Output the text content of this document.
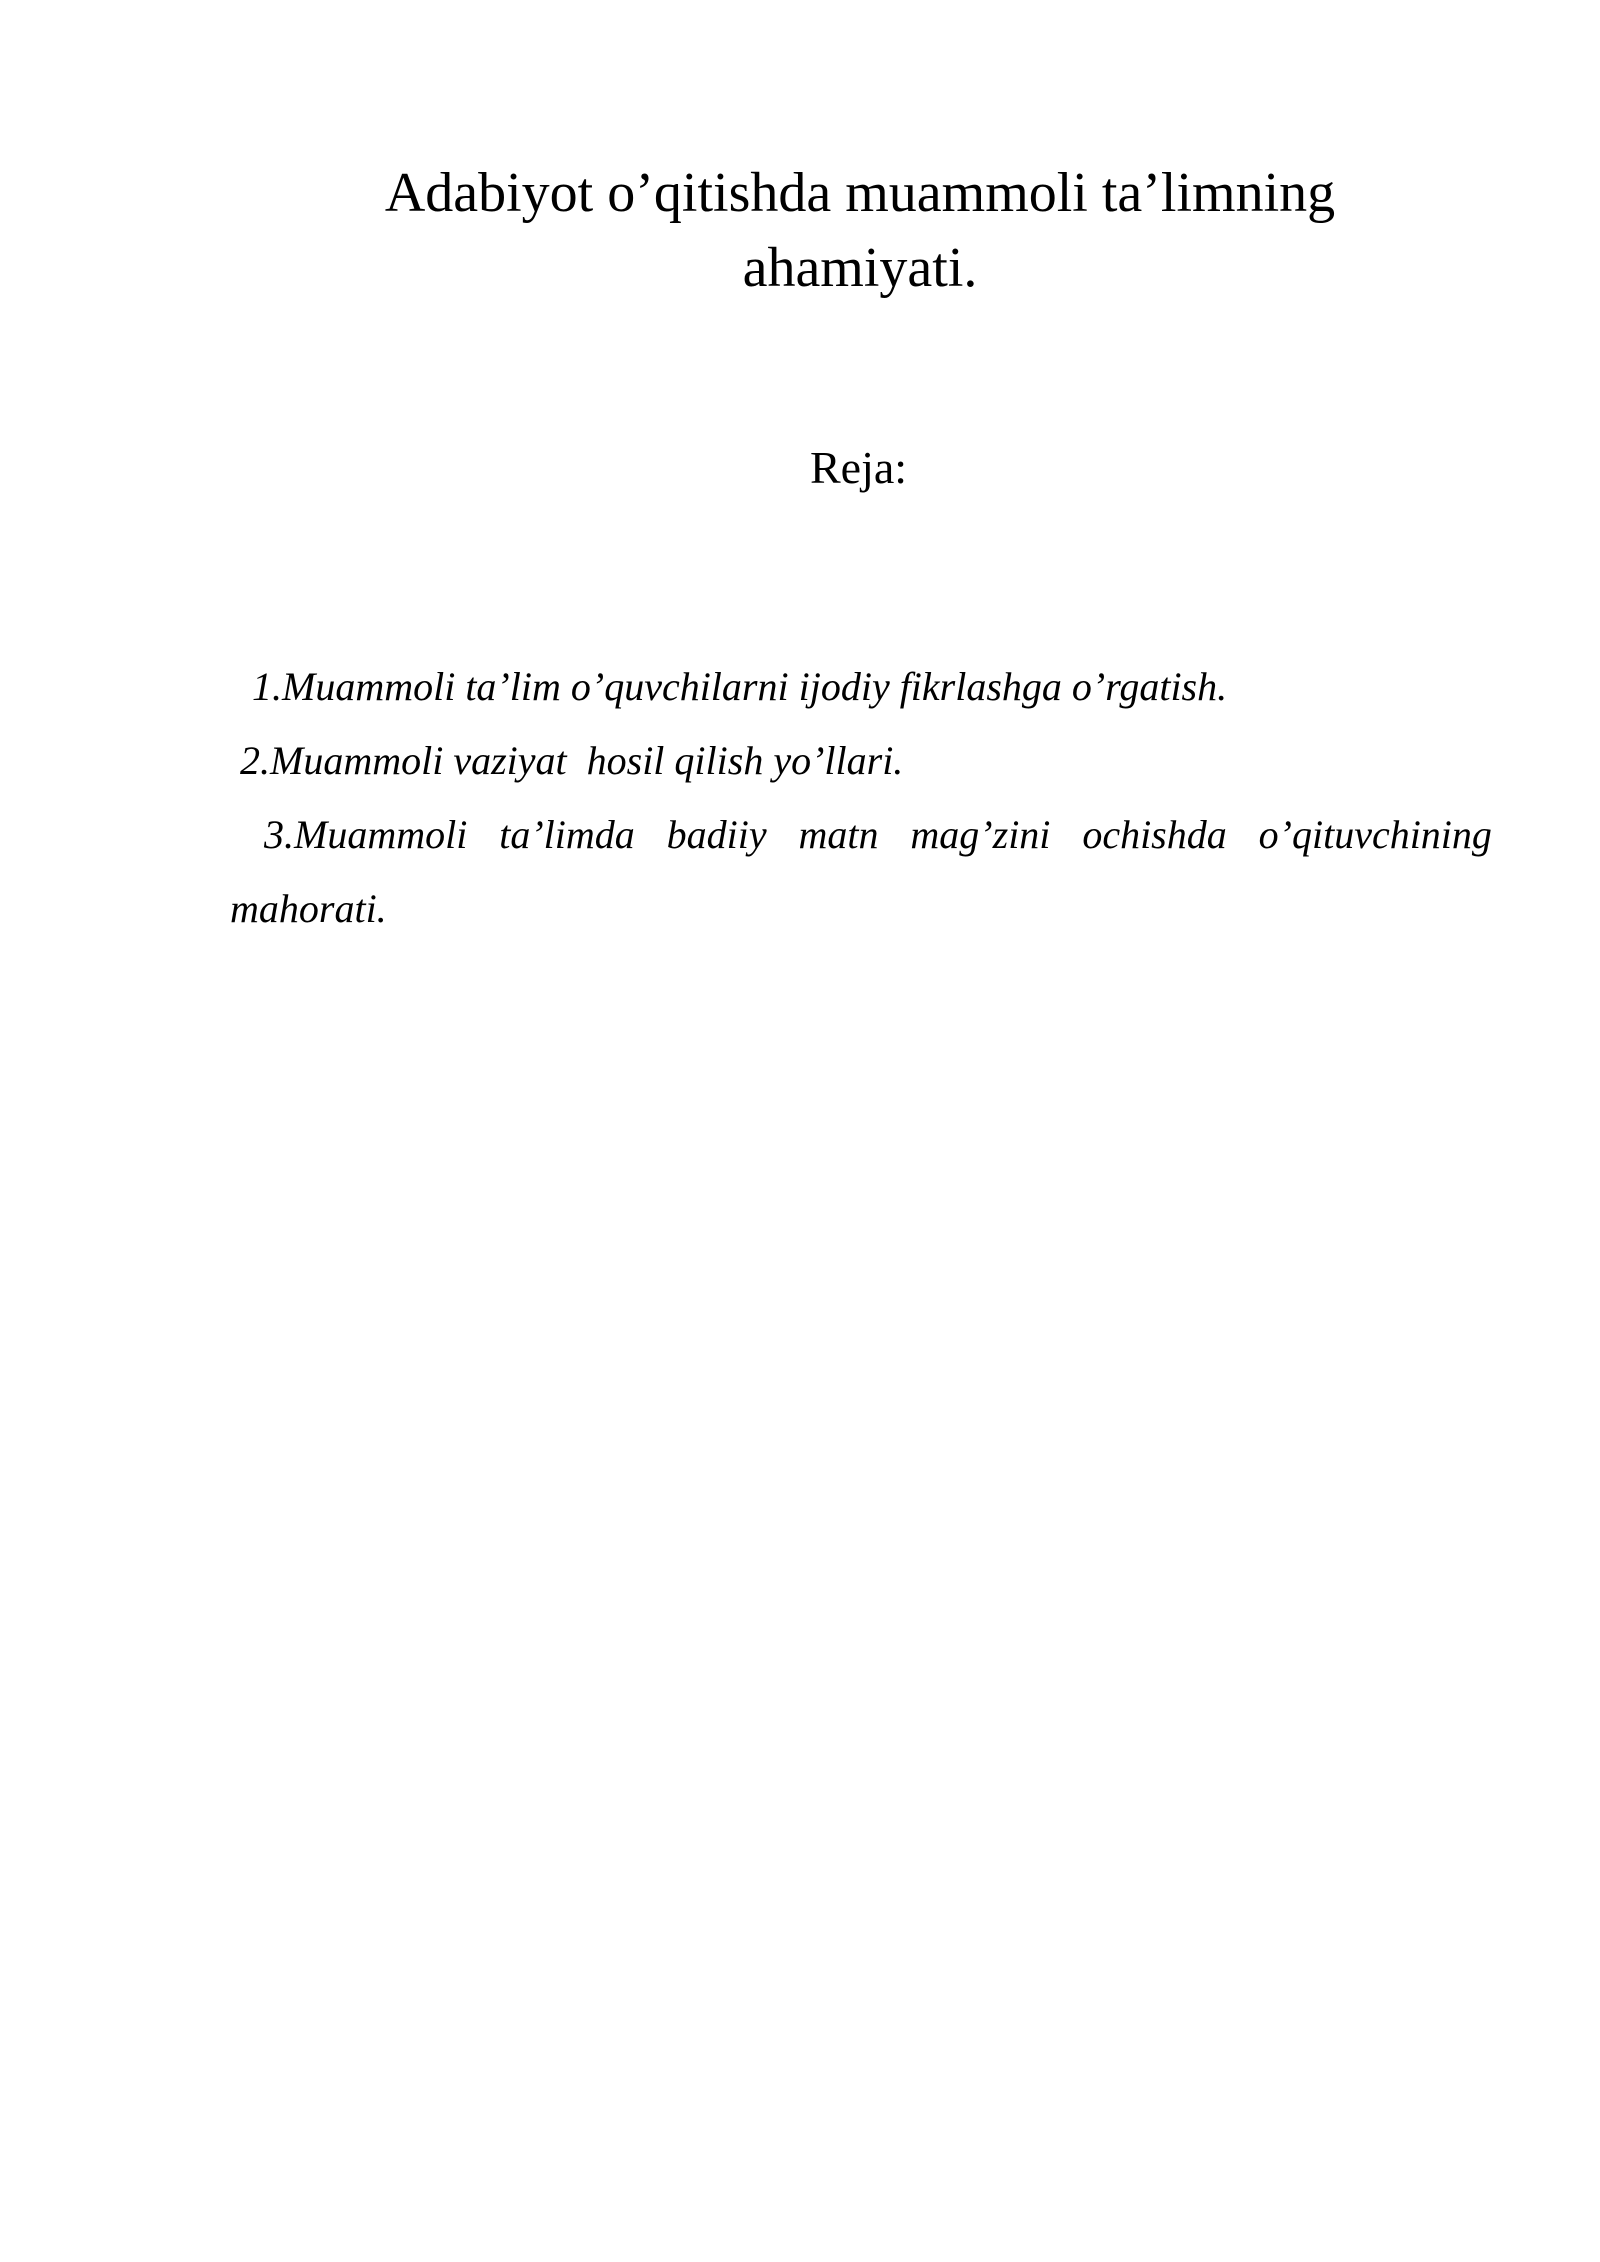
Adabiyot o’qitishda muammoli ta’limning
ahamiyati.
Reja:
1.Muammoli ta’lim o’quvchilarni ijodiy fikrlashga o’rgatish.
2.Muammoli vaziyat  hosil qilish yo’llari.
3.Muammoli ta’limda badiiy matn mag’zini ochishda o’qituvchining
mahorati.
